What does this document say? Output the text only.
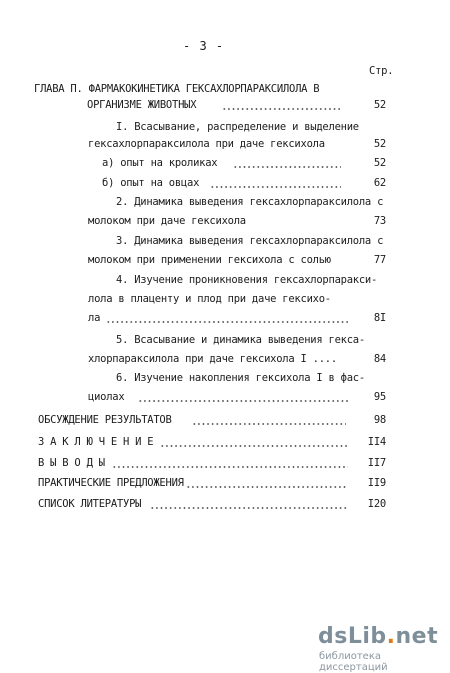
- 3 -
Стр.
ГЛАВА П. ФАРМАКОКИНЕТИКА ГЕКСАХЛОРПАРАКСИЛОЛА В
ОРГАНИЗМЕ ЖИВОТНЫХ	52
I. Всасывание, распределение и выделение
гексахлорпараксилола при даче гексихола	52
а) опыт на кроликах	52
б) опыт на овцах	62
2. Динамика выведения гексахлорпараксилола с
молоком при даче гексихола	73
3. Динамика выведения гексахлорпараксилола с
молоком при применении гексихола с солью	77
4. Изучение проникновения гексахлорпаракси-
лола в плаценту и плод при даче гексихо-
ла	8I
5. Всасывание и динамика выведения гекса-
хлорпараксилола при даче гексихола I ....	84
6. Изучение накопления гексихола I в фас-
циолах	95
ОБСУЖДЕНИЕ РЕЗУЛЬТАТОВ	98
З А К Л Ю Ч Е Н И Е	II4
В Ы В О Д Ы	II7
ПРАКТИЧЕСКИЕ ПРЕДЛОЖЕНИЯ	II9
СПИСОК ЛИТЕРАТУРЫ	I20
dsLib.net
библиотека диссертаций
